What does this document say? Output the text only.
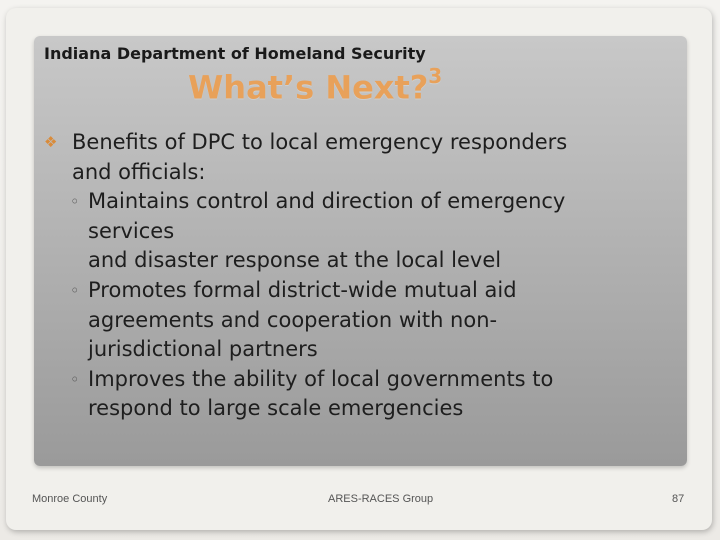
Indiana Department of Homeland Security
What’s Next?$^3$
❖ Benefits of DPC to local emergency responders
and officials:
◦ Maintains control and direction of emergency
services
and disaster response at the local level
◦ Promotes formal district-wide mutual aid
agreements and cooperation with non-
jurisdictional partners
◦ Improves the ability of local governments to
respond to large scale emergencies
Monroe County	ARES-RACES Group	87
